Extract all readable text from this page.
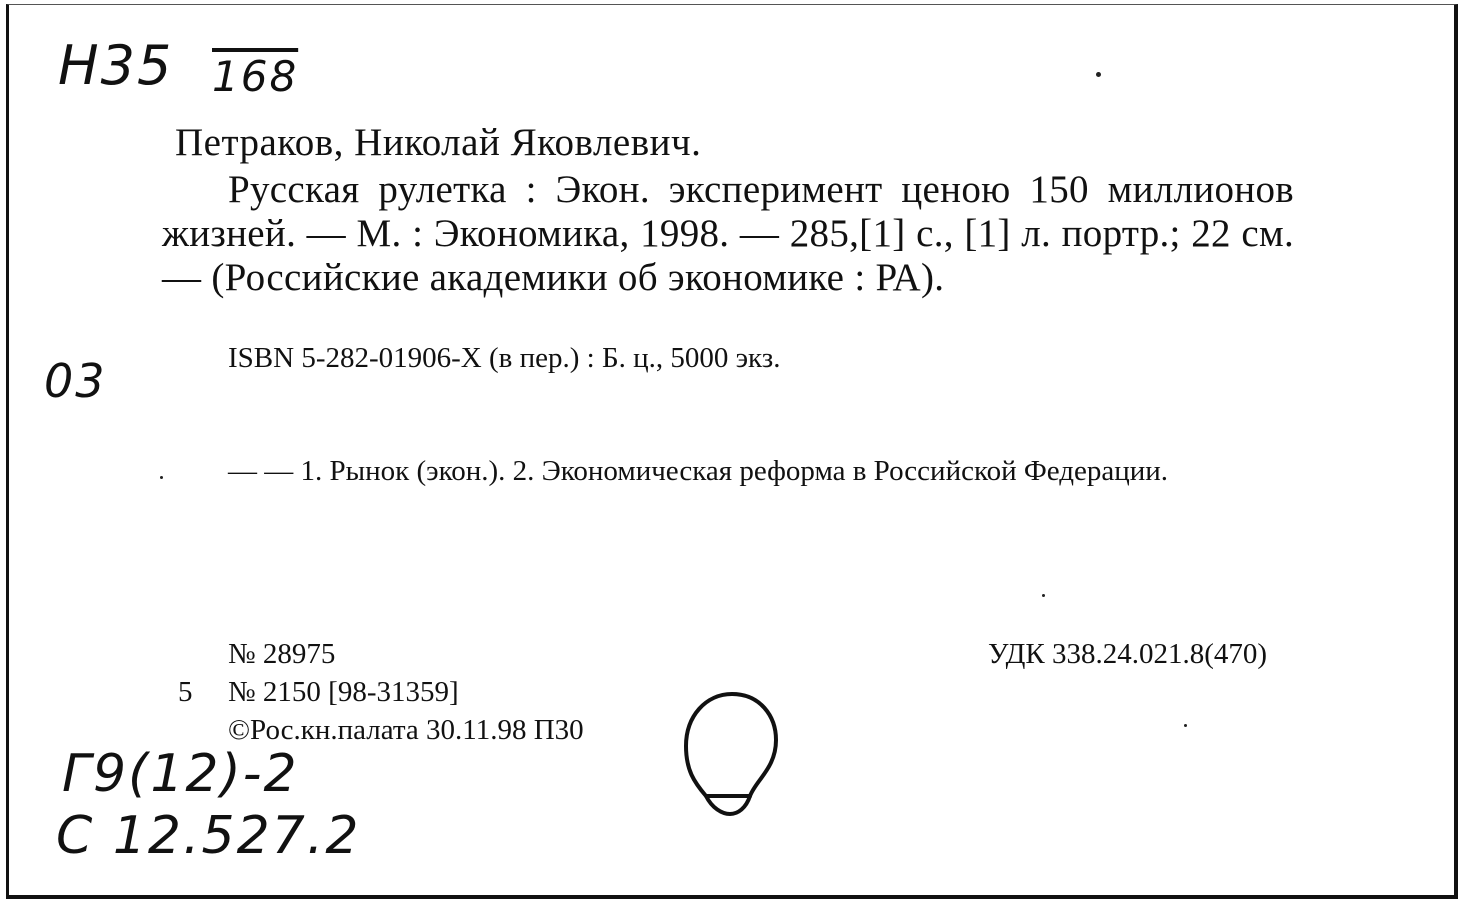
Н35 168
03
Петраков, Николай Яковлевич.
Русская рулетка : Экон. эксперимент ценою 150 миллионов жизней. — М. : Экономика, 1998. — 285,[1] с., [1] л. портр.; 22 см. — (Российские академики об экономике : РА).
ISBN 5-282-01906-X (в пер.) : Б. ц., 5000 экз.
— — 1. Рынок (экон.). 2. Экономическая реформа в Российской Федерации.
№ 28975	УДК 338.24.021.8(470)
5 № 2150 [98-31359]
©Рос.кн.палата 30.11.98 П30
Г9(12)-2
С 12.527.2
